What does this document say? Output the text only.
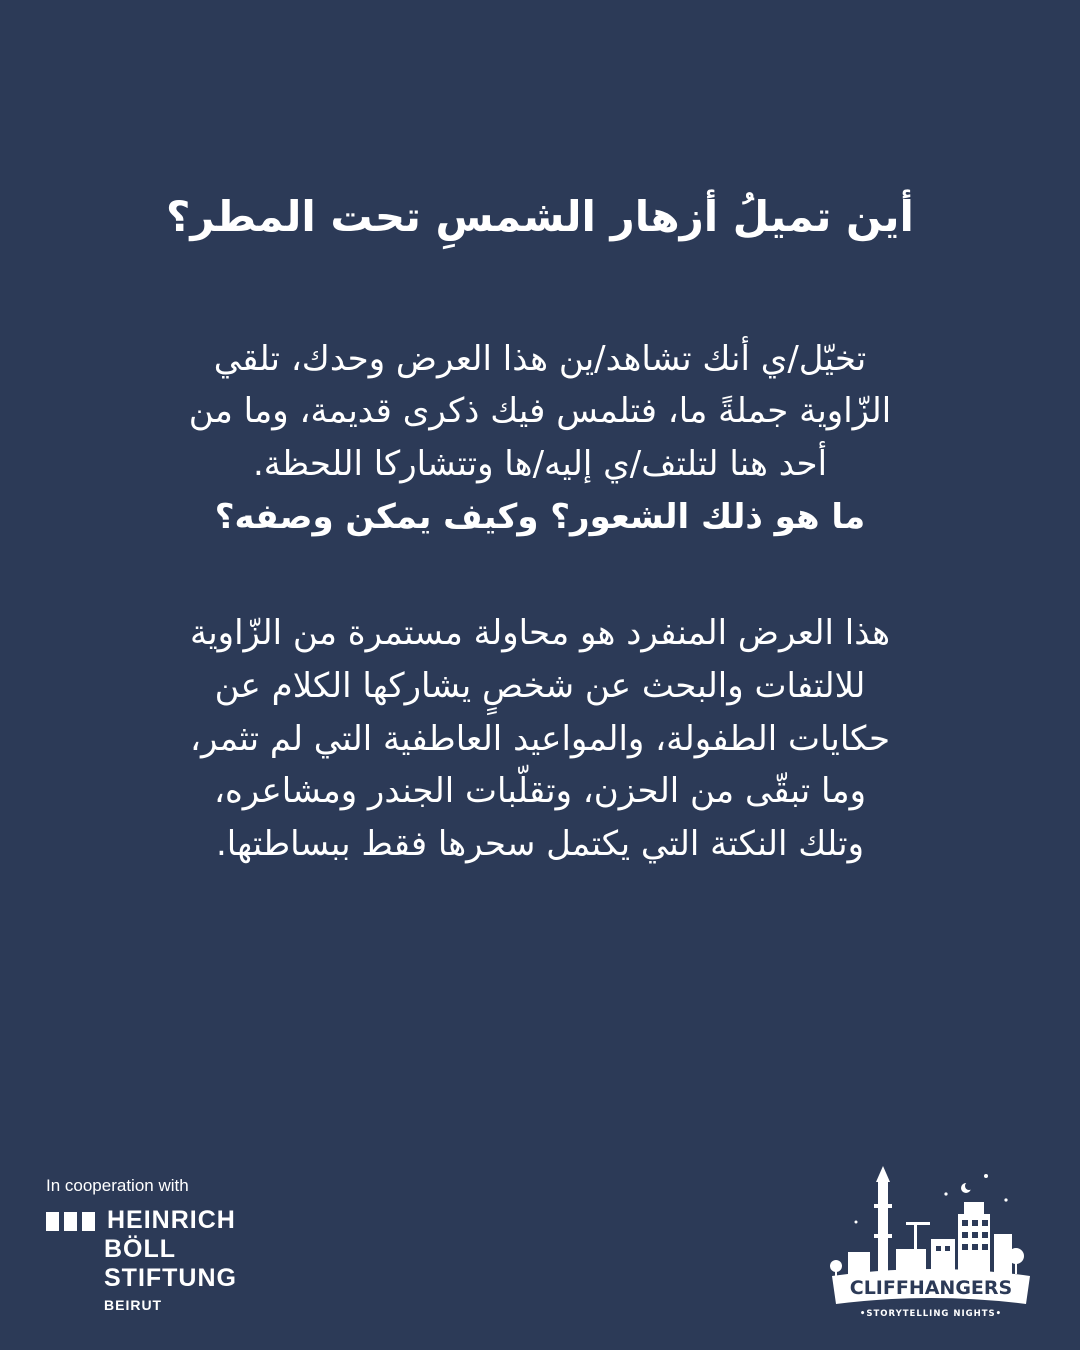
أين تميلُ أزهار الشمسِ تحت المطر؟

تخيّل/ي أنك تشاهد/ين هذا العرض وحدك، تلقي
الزّاوية جملةً ما، فتلمس فيك ذكرى قديمة، وما من
أحد هنا لتلتف/ي إليه/ها وتتشاركا اللحظة.
ما هو ذلك الشعور؟ وكيف يمكن وصفه؟

هذا العرض المنفرد هو محاولة مستمرة من الزّاوية
للالتفات والبحث عن شخصٍ يشاركها الكلام عن
حكايات الطفولة، والمواعيد العاطفية التي لم تثمر،
وما تبقّى من الحزن، وتقلّبات الجندر ومشاعره،
وتلك النكتة التي يكتمل سحرها فقط ببساطتها.

In cooperation with
HEINRICH
BÖLL
STIFTUNG
BEIRUT
CLIFFHANGERS
•STORYTELLING NIGHTS•
